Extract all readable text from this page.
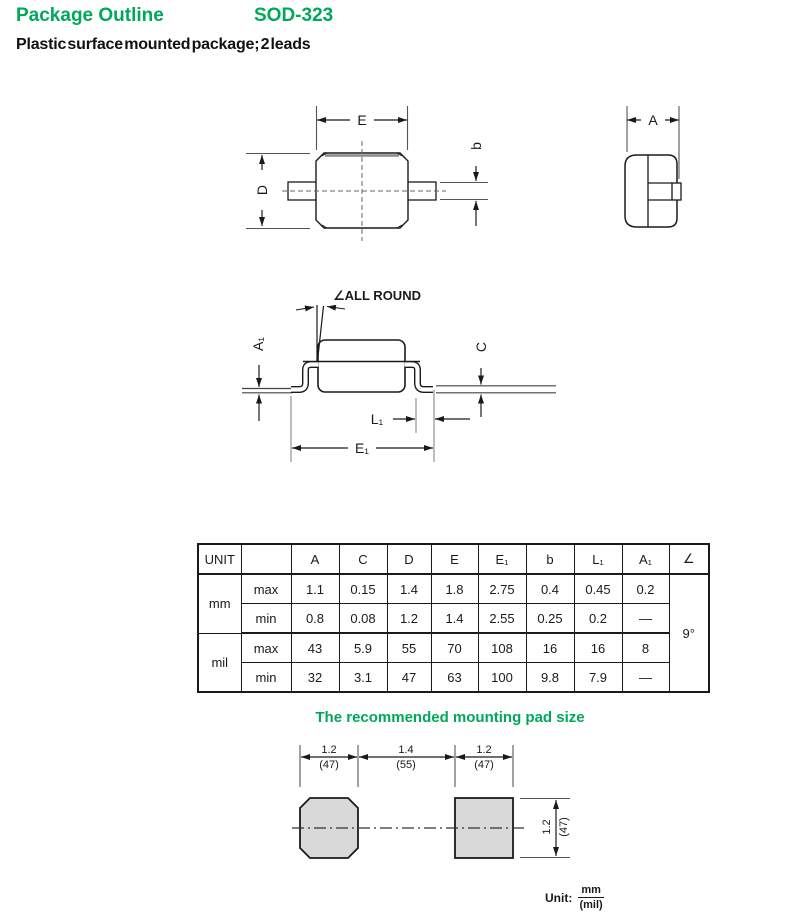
Package Outline	SOD-323
Plastic surface mounted package; 2 leads
E
D
b
A
∠ALL ROUND
A₁	C
L₁
E₁
UNIT		A	C	D	E	E₁	b	L₁	A₁	∠
mm	max	1.1	0.15	1.4	1.8	2.75	0.4	0.45	0.2	9°
	min	0.8	0.08	1.2	1.4	2.55	0.25	0.2	—	
mil	max	43	5.9	55	70	108	16	16	8	
	min	32	3.1	47	63	100	9.8	7.9	—	
The recommended mounting pad size
1.2
(47)
1.4
(55)
1.2
(47)
1.2 (47)
Unit: $\frac{mm}{\text{(mil)}}$
